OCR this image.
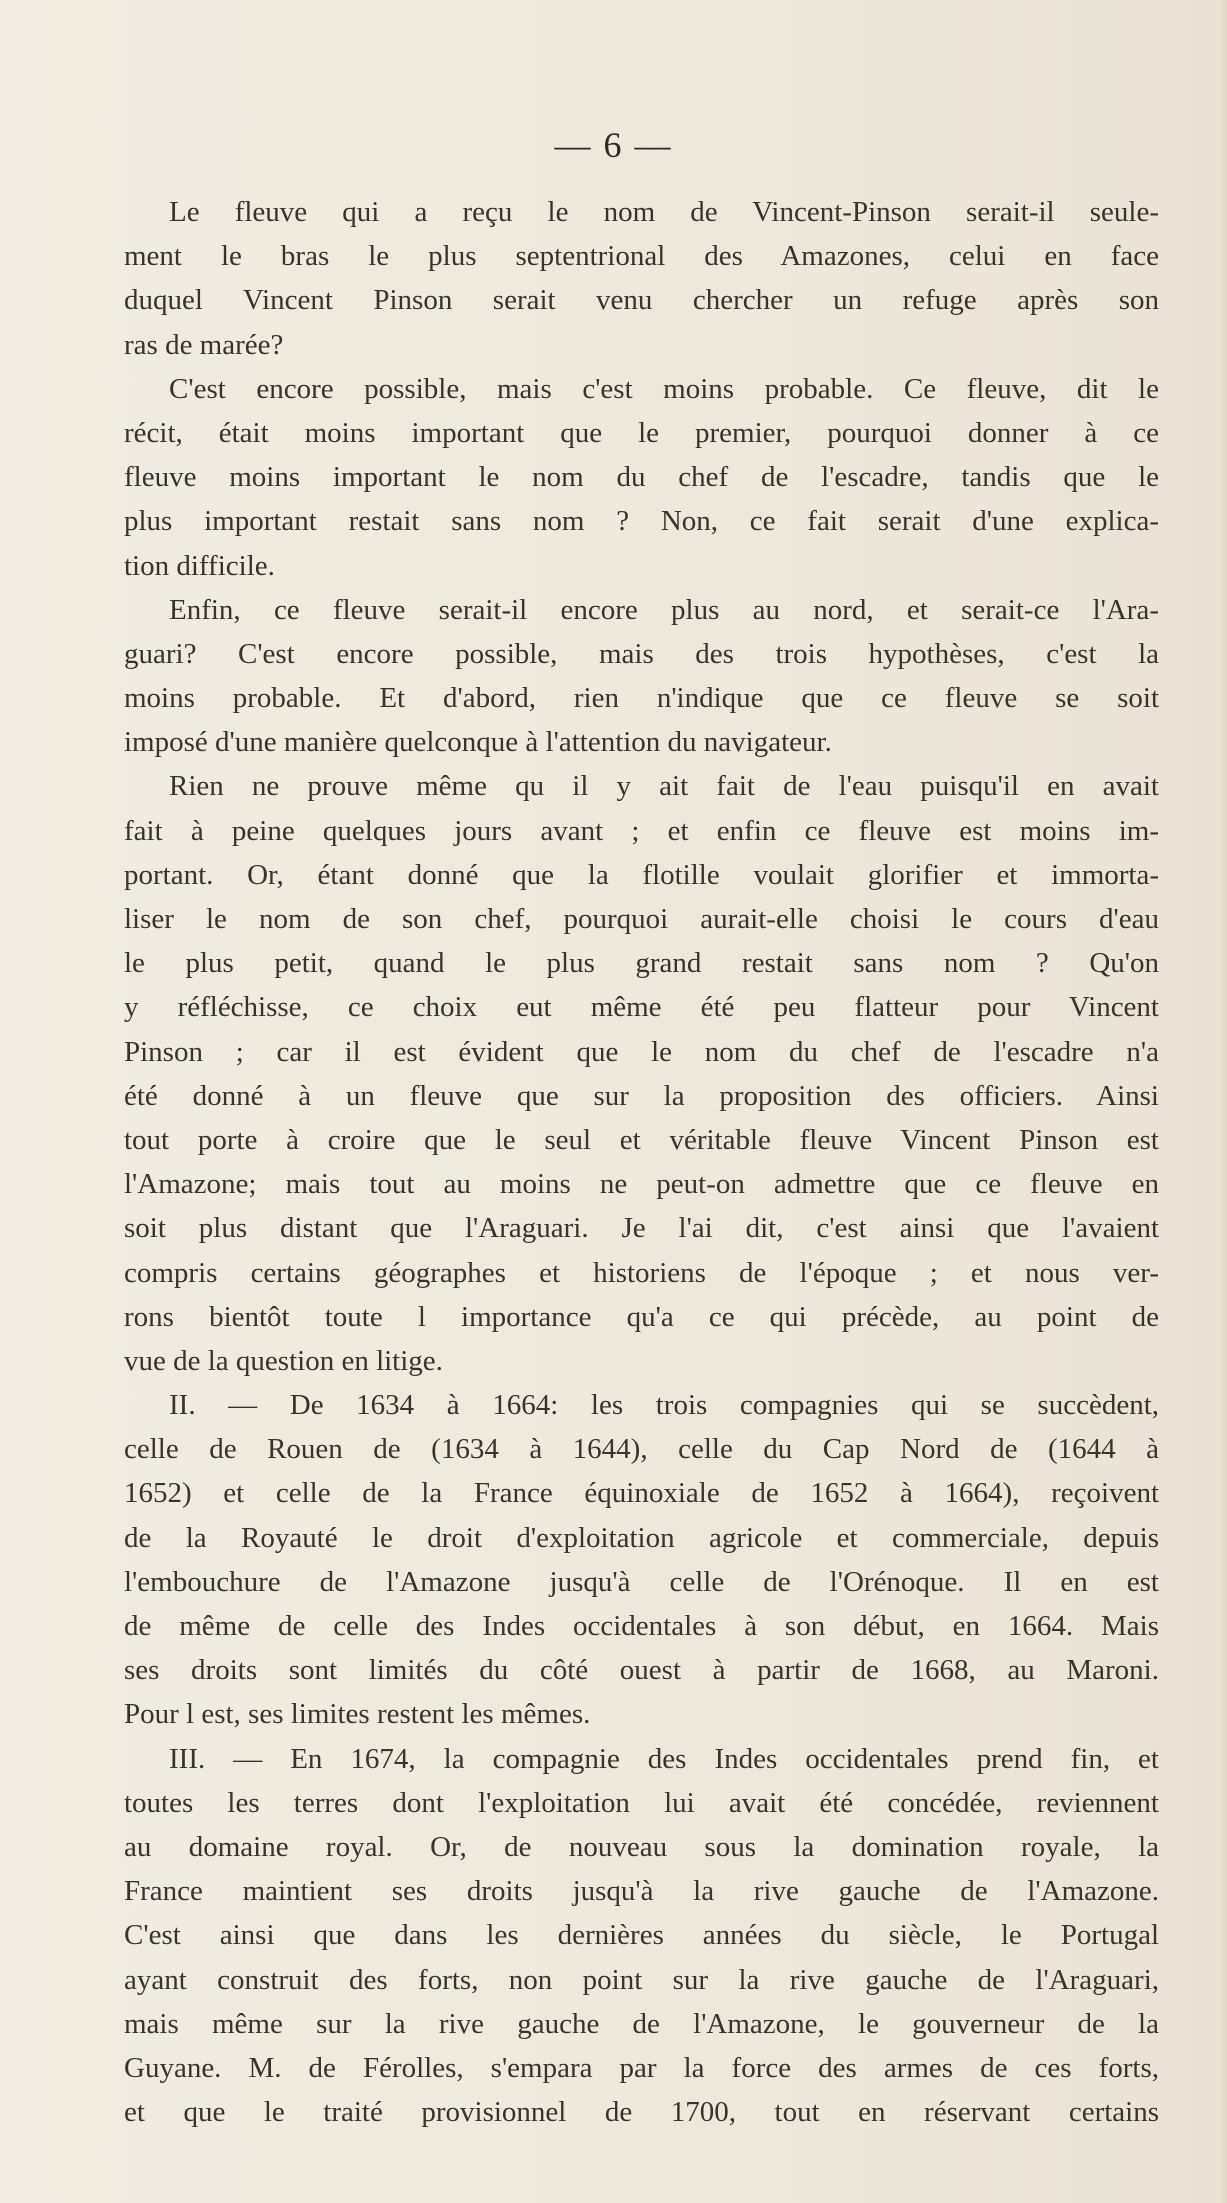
— 6 —
Le fleuve qui a reçu le nom de Vincent-Pinson serait-il seule-
ment le bras le plus septentrional des Amazones, celui en face
duquel Vincent Pinson serait venu chercher un refuge après son
ras de marée?
C'est encore possible, mais c'est moins probable. Ce fleuve, dit le
récit, était moins important que le premier, pourquoi donner à ce
fleuve moins important le nom du chef de l'escadre, tandis que le
plus important restait sans nom ? Non, ce fait serait d'une explica-
tion difficile.
Enfin, ce fleuve serait-il encore plus au nord, et serait-ce l'Ara-
guari? C'est encore possible, mais des trois hypothèses, c'est la
moins probable. Et d'abord, rien n'indique que ce fleuve se soit
imposé d'une manière quelconque à l'attention du navigateur.
Rien ne prouve même qu il y ait fait de l'eau puisqu'il en avait
fait à peine quelques jours avant ; et enfin ce fleuve est moins im-
portant. Or, étant donné que la flotille voulait glorifier et immorta-
liser le nom de son chef, pourquoi aurait-elle choisi le cours d'eau
le plus petit, quand le plus grand restait sans nom ? Qu'on
y réfléchisse, ce choix eut même été peu flatteur pour Vincent
Pinson ; car il est évident que le nom du chef de l'escadre n'a
été donné à un fleuve que sur la proposition des officiers. Ainsi
tout porte à croire que le seul et véritable fleuve Vincent Pinson est
l'Amazone; mais tout au moins ne peut-on admettre que ce fleuve en
soit plus distant que l'Araguari. Je l'ai dit, c'est ainsi que l'avaient
compris certains géographes et historiens de l'époque ; et nous ver-
rons bientôt toute l importance qu'a ce qui précède, au point de
vue de la question en litige.
II. — De 1634 à 1664: les trois compagnies qui se succèdent,
celle de Rouen de (1634 à 1644), celle du Cap Nord de (1644 à
1652) et celle de la France équinoxiale de 1652 à 1664), reçoivent
de la Royauté le droit d'exploitation agricole et commerciale, depuis
l'embouchure de l'Amazone jusqu'à celle de l'Orénoque. Il en est
de même de celle des Indes occidentales à son début, en 1664. Mais
ses droits sont limités du côté ouest à partir de 1668, au Maroni.
Pour l est, ses limites restent les mêmes.
III. — En 1674, la compagnie des Indes occidentales prend fin, et
toutes les terres dont l'exploitation lui avait été concédée, reviennent
au domaine royal. Or, de nouveau sous la domination royale, la
France maintient ses droits jusqu'à la rive gauche de l'Amazone.
C'est ainsi que dans les dernières années du siècle, le Portugal
ayant construit des forts, non point sur la rive gauche de l'Araguari,
mais même sur la rive gauche de l'Amazone, le gouverneur de la
Guyane. M. de Férolles, s'empara par la force des armes de ces forts,
et que le traité provisionnel de 1700, tout en réservant certains
